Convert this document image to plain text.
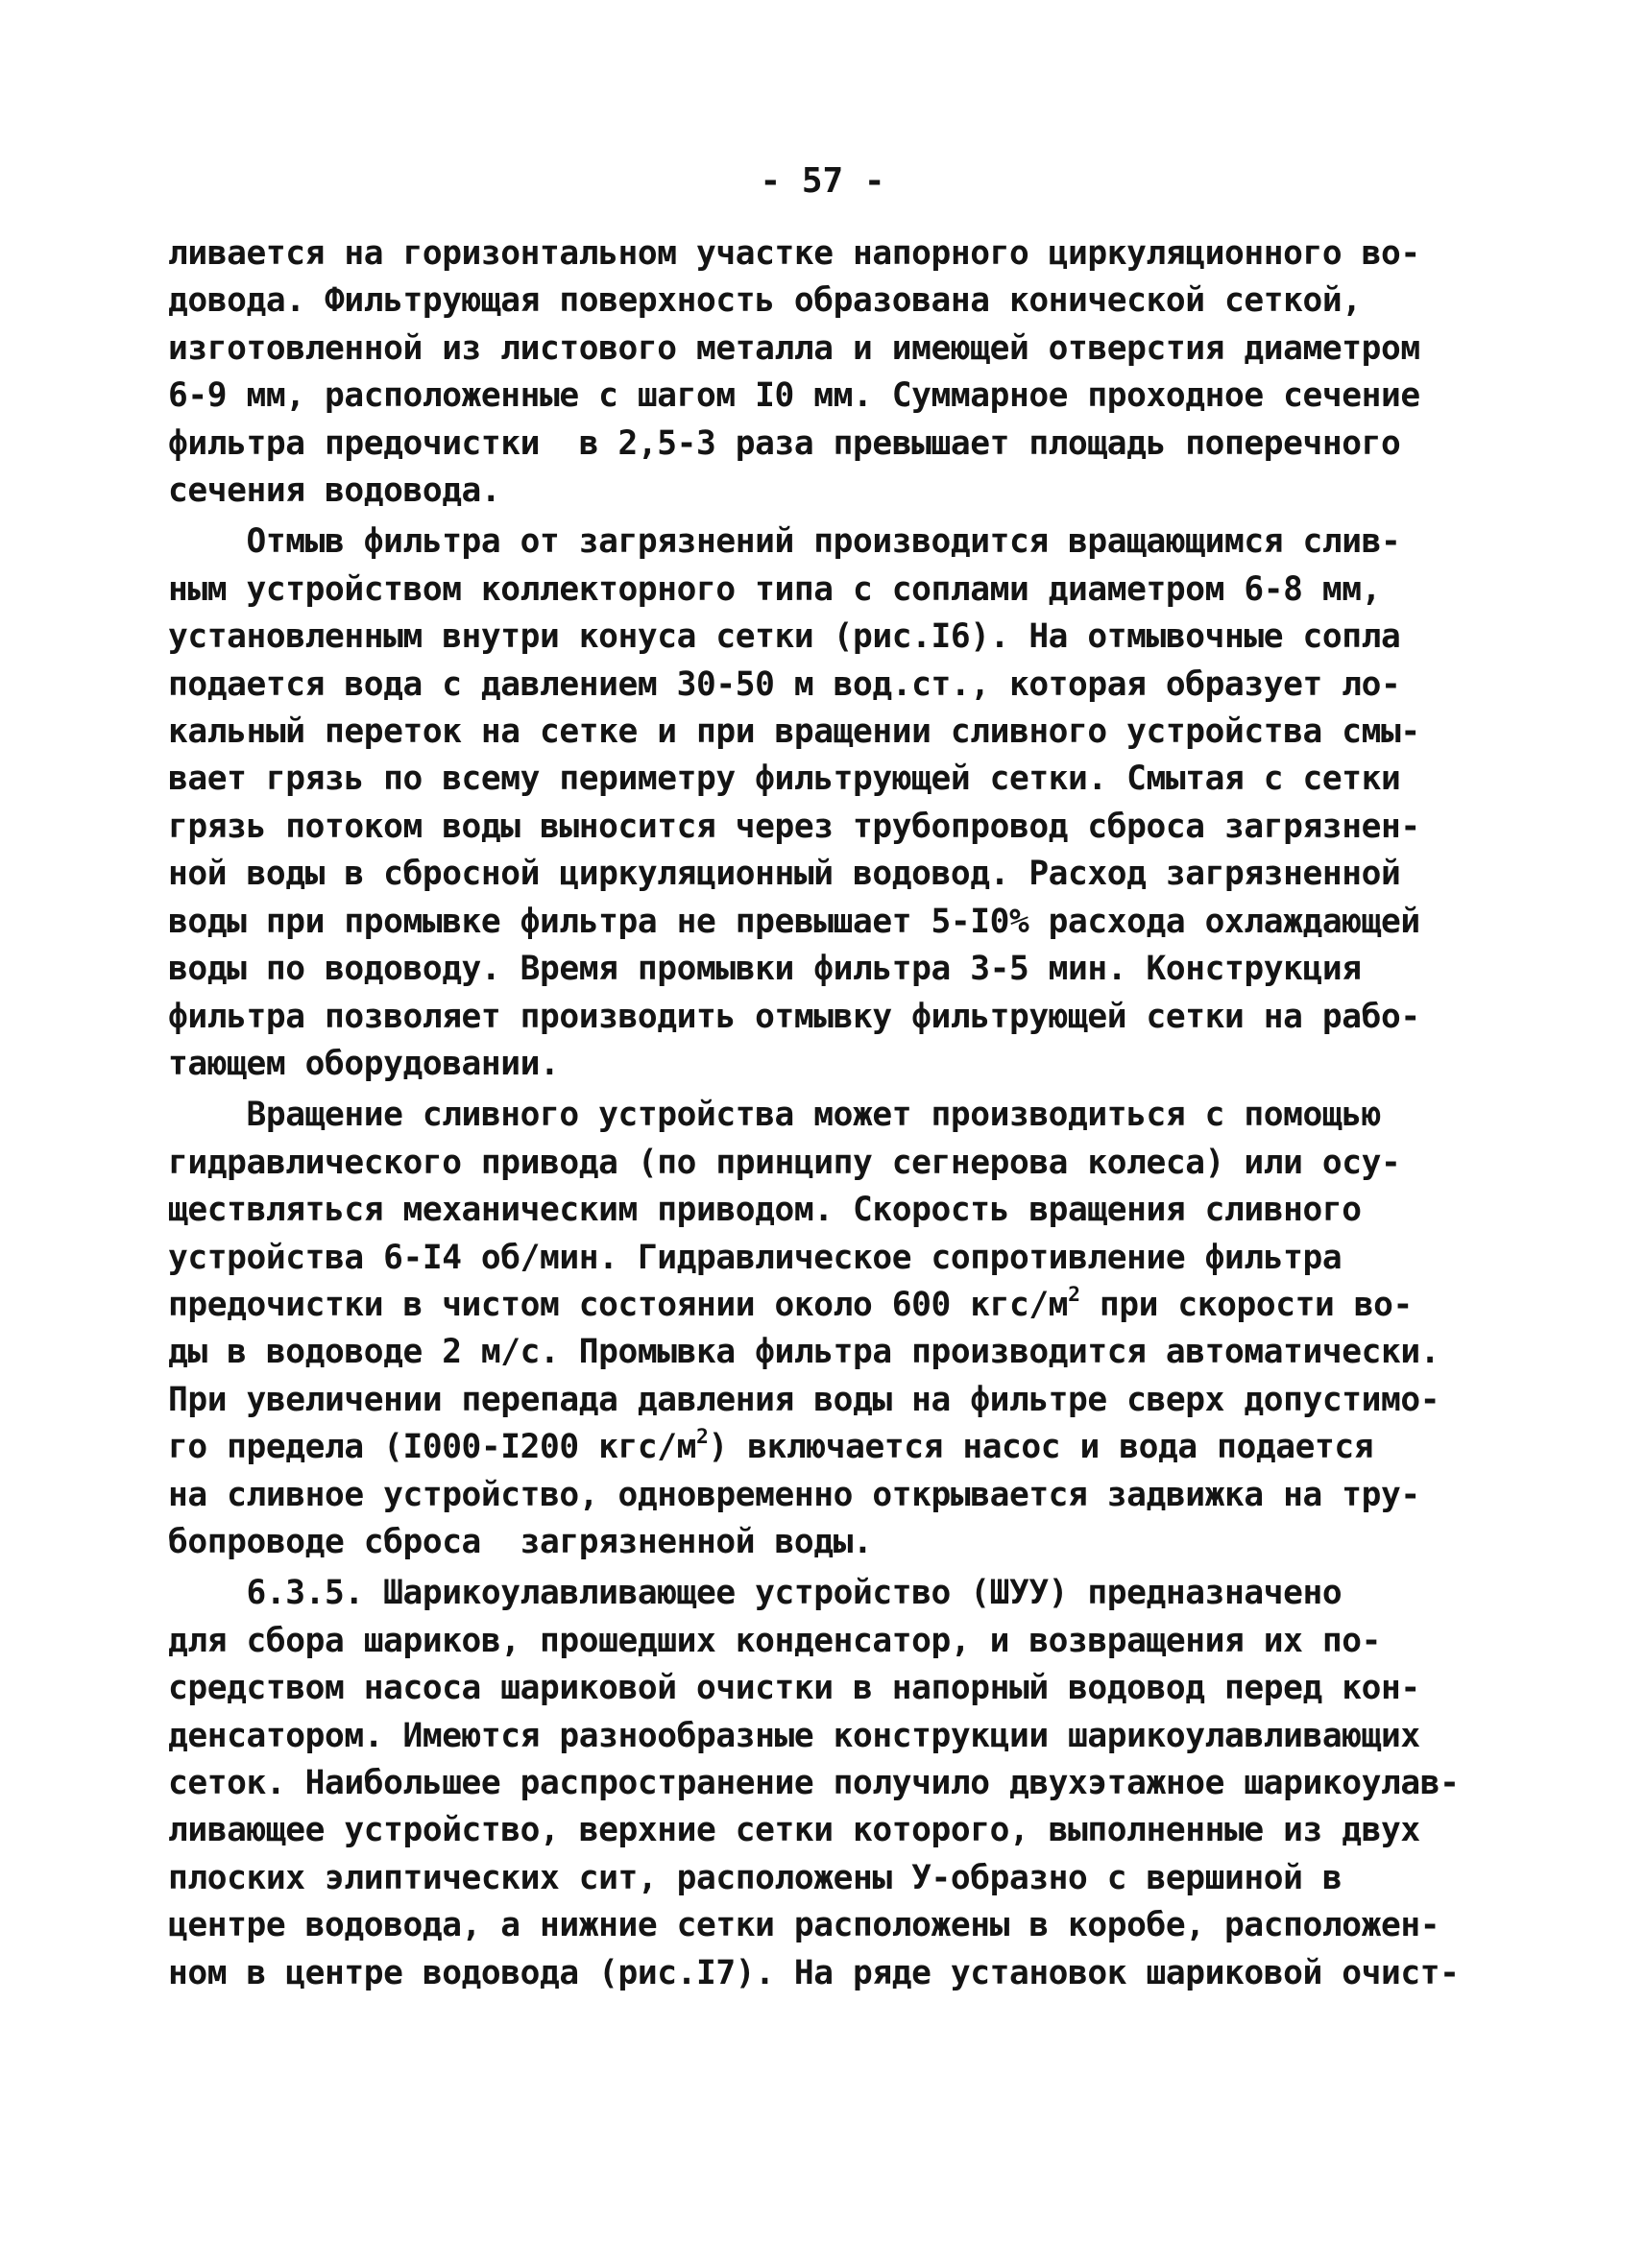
- 57 -
ливается на горизонтальном участке напорного циркуляционного во-
довода. Фильтрующая поверхность образована конической сеткой,
изготовленной из листового металла и имеющей отверстия диаметром
6-9 мм, расположенные с шагом I0 мм. Суммарное проходное сечение
фильтра предочистки  в 2,5-3 раза превышает площадь поперечного
сечения водовода.
Отмыв фильтра от загрязнений производится вращающимся слив-
ным устройством коллекторного типа с соплами диаметром 6-8 мм,
установленным внутри конуса сетки (рис.I6). На отмывочные сопла
подается вода с давлением 30-50 м вод.ст., которая образует ло-
кальный переток на сетке и при вращении сливного устройства смы-
вает грязь по всему периметру фильтрующей сетки. Смытая с сетки
грязь потоком воды выносится через трубопровод сброса загрязнен-
ной воды в сбросной циркуляционный водовод. Расход загрязненной
воды при промывке фильтра не превышает 5-I0% расхода охлаждающей
воды по водоводу. Время промывки фильтра 3-5 мин. Конструкция
фильтра позволяет производить отмывку фильтрующей сетки на рабо-
тающем оборудовании.
Вращение сливного устройства может производиться с помощью
гидравлического привода (по принципу сегнерова колеса) или осу-
ществляться механическим приводом. Скорость вращения сливного
устройства 6-I4 об/мин. Гидравлическое сопротивление фильтра
предочистки в чистом состоянии около 600 кгс/$м^2$ при скорости во-
ды в водоводе 2 м/с. Промывка фильтра производится автоматически.
При увеличении перепада давления воды на фильтре сверх допустимо-
го предела (I000-I200 кгс/$м^2$) включается насос и вода подается
на сливное устройство, одновременно открывается задвижка на тру-
бопроводе сброса  загрязненной воды.
6.3.5. Шарикоулавливающее устройство (ШУУ) предназначено
для сбора шариков, прошедших конденсатор, и возвращения их по-
средством насоса шариковой очистки в напорный водовод перед кон-
денсатором. Имеются разнообразные конструкции шарикоулавливающих
сеток. Наибольшее распространение получило двухэтажное шарикоулав-
ливающее устройство, верхние сетки которого, выполненные из двух
плоских элиптических сит, расположены У-образно с вершиной в
центре водовода, а нижние сетки расположены в коробе, расположен-
ном в центре водовода (рис.I7). На ряде установок шариковой очист-
